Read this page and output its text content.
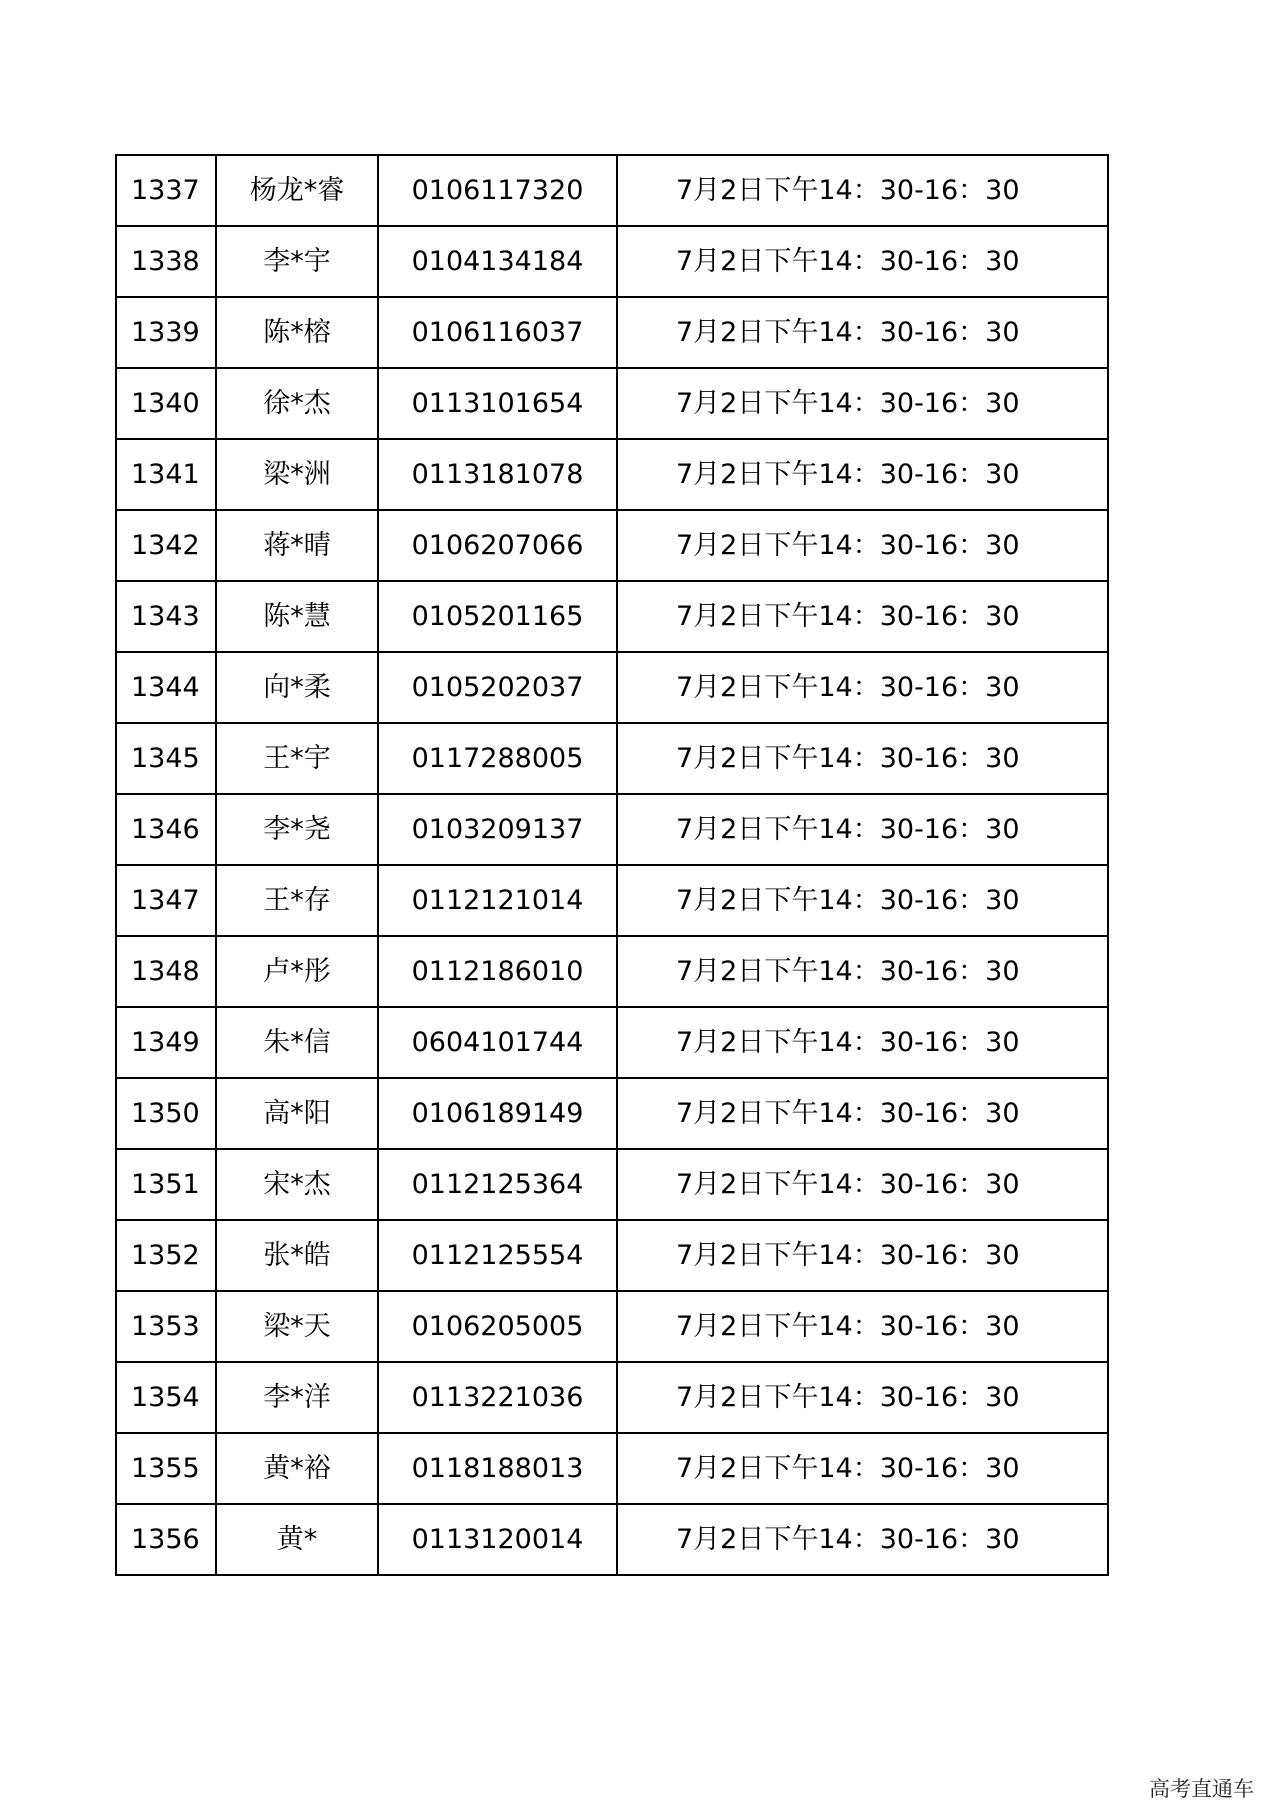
1337	杨龙*睿	0106117320	7月2日下午14：30-16：30
1338	李*宇	0104134184	7月2日下午14：30-16：30
1339	陈*榕	0106116037	7月2日下午14：30-16：30
1340	徐*杰	0113101654	7月2日下午14：30-16：30
1341	梁*洲	0113181078	7月2日下午14：30-16：30
1342	蒋*晴	0106207066	7月2日下午14：30-16：30
1343	陈*慧	0105201165	7月2日下午14：30-16：30
1344	向*柔	0105202037	7月2日下午14：30-16：30
1345	王*宇	0117288005	7月2日下午14：30-16：30
1346	李*尧	0103209137	7月2日下午14：30-16：30
1347	王*存	0112121014	7月2日下午14：30-16：30
1348	卢*彤	0112186010	7月2日下午14：30-16：30
1349	朱*信	0604101744	7月2日下午14：30-16：30
1350	高*阳	0106189149	7月2日下午14：30-16：30
1351	宋*杰	0112125364	7月2日下午14：30-16：30
1352	张*皓	0112125554	7月2日下午14：30-16：30
1353	梁*天	0106205005	7月2日下午14：30-16：30
1354	李*洋	0113221036	7月2日下午14：30-16：30
1355	黄*裕	0118188013	7月2日下午14：30-16：30
1356	黄*	0113120014	7月2日下午14：30-16：30
高考直通车
